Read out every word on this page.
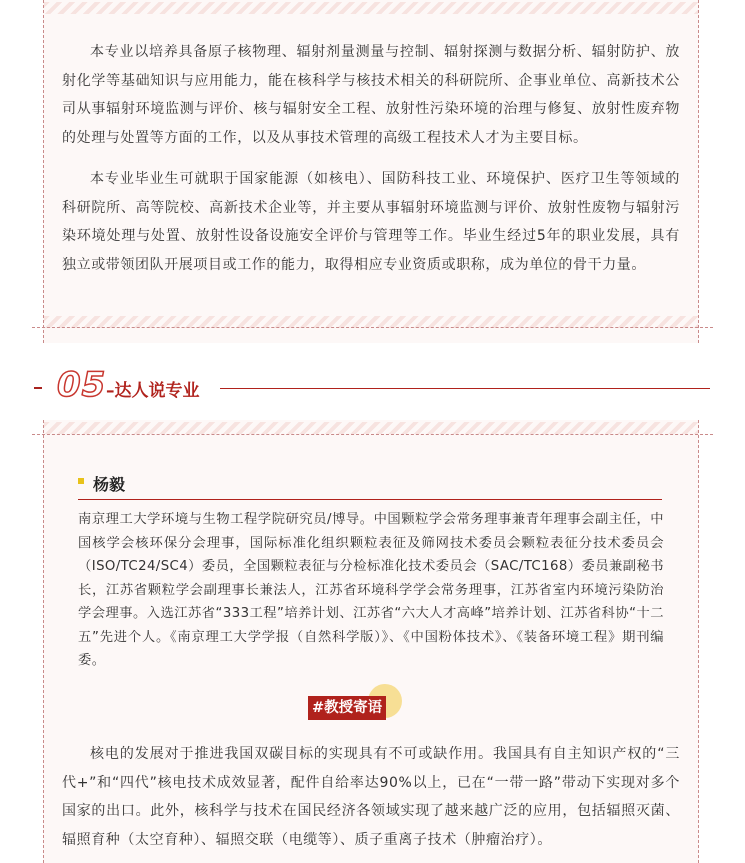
本专业以培养具备原子核物理、辐射剂量测量与控制、辐射探测与数据分析、辐射防护、放射化学等基础知识与应用能力，能在核科学与核技术相关的科研院所、企事业单位、高新技术公司从事辐射环境监测与评价、核与辐射安全工程、放射性污染环境的治理与修复、放射性废弃物的处理与处置等方面的工作，以及从事技术管理的高级工程技术人才为主要目标。

本专业毕业生可就职于国家能源（如核电）、国防科技工业、环境保护、医疗卫生等领域的科研院所、高等院校、高新技术企业等，并主要从事辐射环境监测与评价、放射性废物与辐射污染环境处理与处置、放射性设备设施安全评价与管理等工作。毕业生经过5年的职业发展，具有独立或带领团队开展项目或工作的能力，取得相应专业资质或职称，成为单位的骨干力量。

05 –达人说专业
杨毅

南京理工大学环境与生物工程学院研究员/博导。中国颗粒学会常务理事兼青年理事会副主任，中国核学会核环保分会理事，国际标准化组织颗粒表征及筛网技术委员会颗粒表征分技术委员会（ISO/TC24/SC4）委员，全国颗粒表征与分检标准化技术委员会（SAC/TC168）委员兼副秘书长，江苏省颗粒学会副理事长兼法人，江苏省环境科学学会常务理事，江苏省室内环境污染防治学会理事。入选江苏省“333工程”培养计划、江苏省“六大人才高峰”培养计划、江苏省科协“十二五”先进个人。《南京理工大学学报（自然科学版）》、《中国粉体技术》、《装备环境工程》期刊编委。

#教授寄语

核电的发展对于推进我国双碳目标的实现具有不可或缺作用。我国具有自主知识产权的“三代+”和“四代”核电技术成效显著，配件自给率达90%以上，已在“一带一路”带动下实现对多个国家的出口。此外，核科学与技术在国民经济各领域实现了越来越广泛的应用，包括辐照灭菌、辐照育种（太空育种）、辐照交联（电缆等）、质子重离子技术（肿瘤治疗）。
